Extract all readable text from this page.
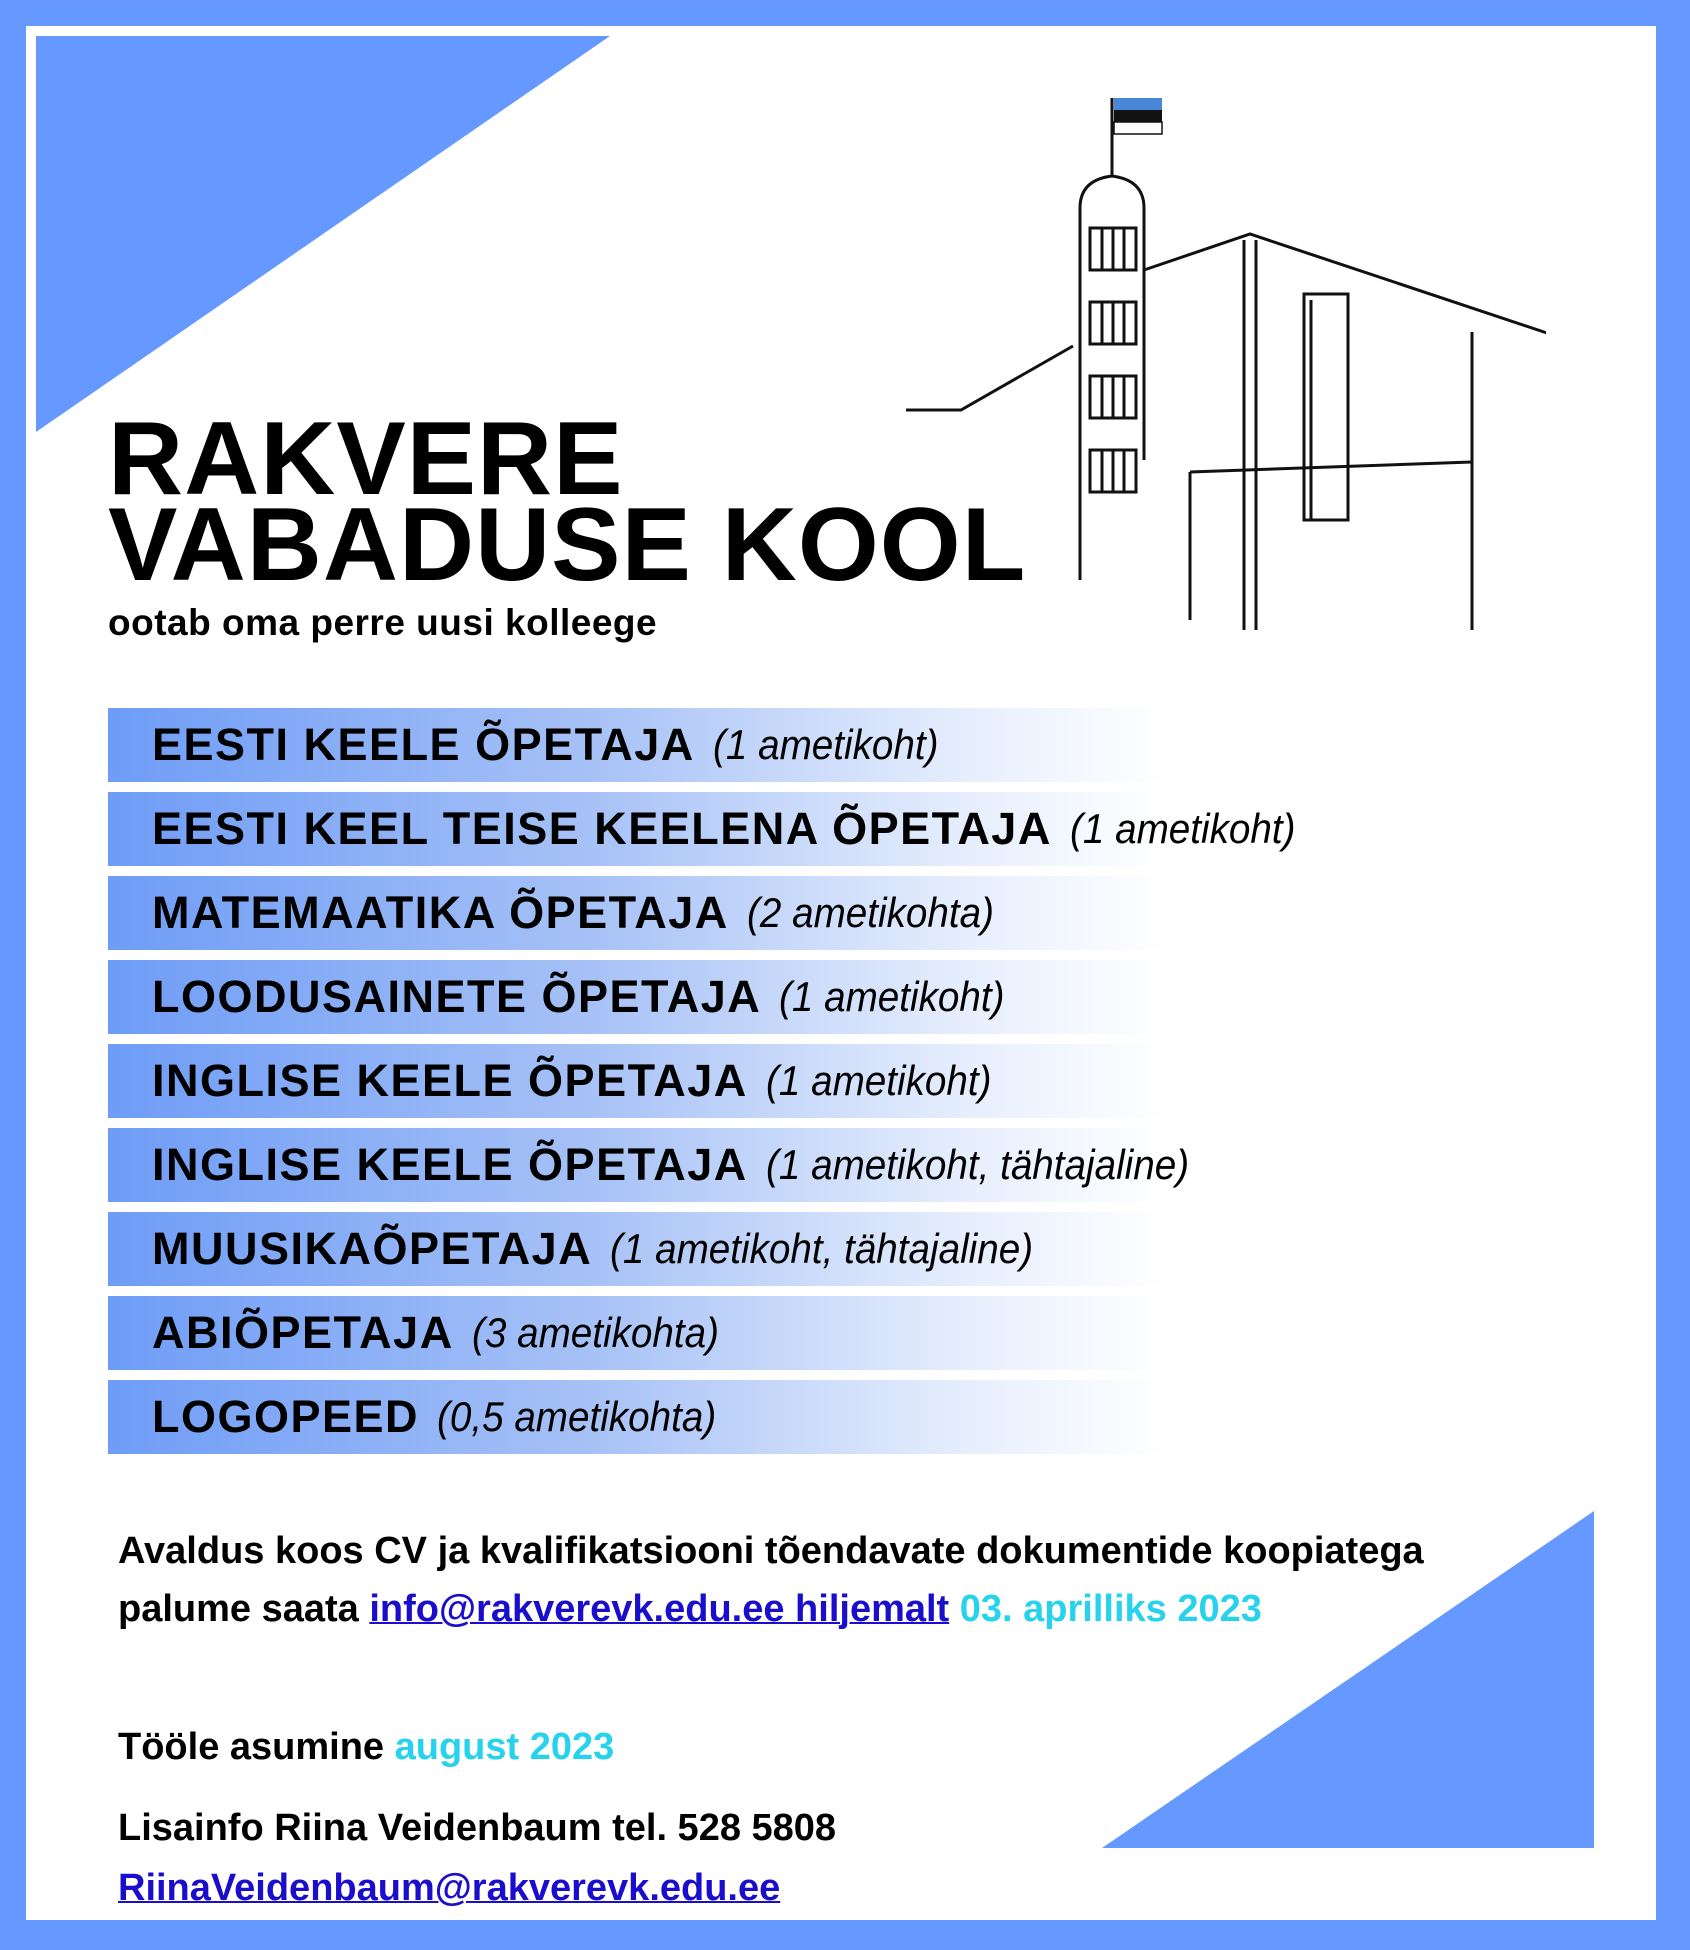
RAKVERE
VABADUSE KOOL
ootab oma perre uusi kolleege
EESTI KEELE ÕPETAJA (1 ametikoht)
EESTI KEEL TEISE KEELENA ÕPETAJA (1 ametikoht)
MATEMAATIKA ÕPETAJA (2 ametikohta)
LOODUSAINETE ÕPETAJA (1 ametikoht)
INGLISE KEELE ÕPETAJA (1 ametikoht)
INGLISE KEELE ÕPETAJA (1 ametikoht, tähtajaline)
MUUSIKAÕPETAJA (1 ametikoht, tähtajaline)
ABIÕPETAJA (3 ametikohta)
LOGOPEED (0,5 ametikohta)
Avaldus koos CV ja kvalifikatsiooni tõendavate dokumentide koopiatega
palume saata info@rakverevk.edu.ee hiljemalt 03. aprilliks 2023
Tööle asumine august 2023
Lisainfo Riina Veidenbaum tel. 528 5808
RiinaVeidenbaum@rakverevk.edu.ee
